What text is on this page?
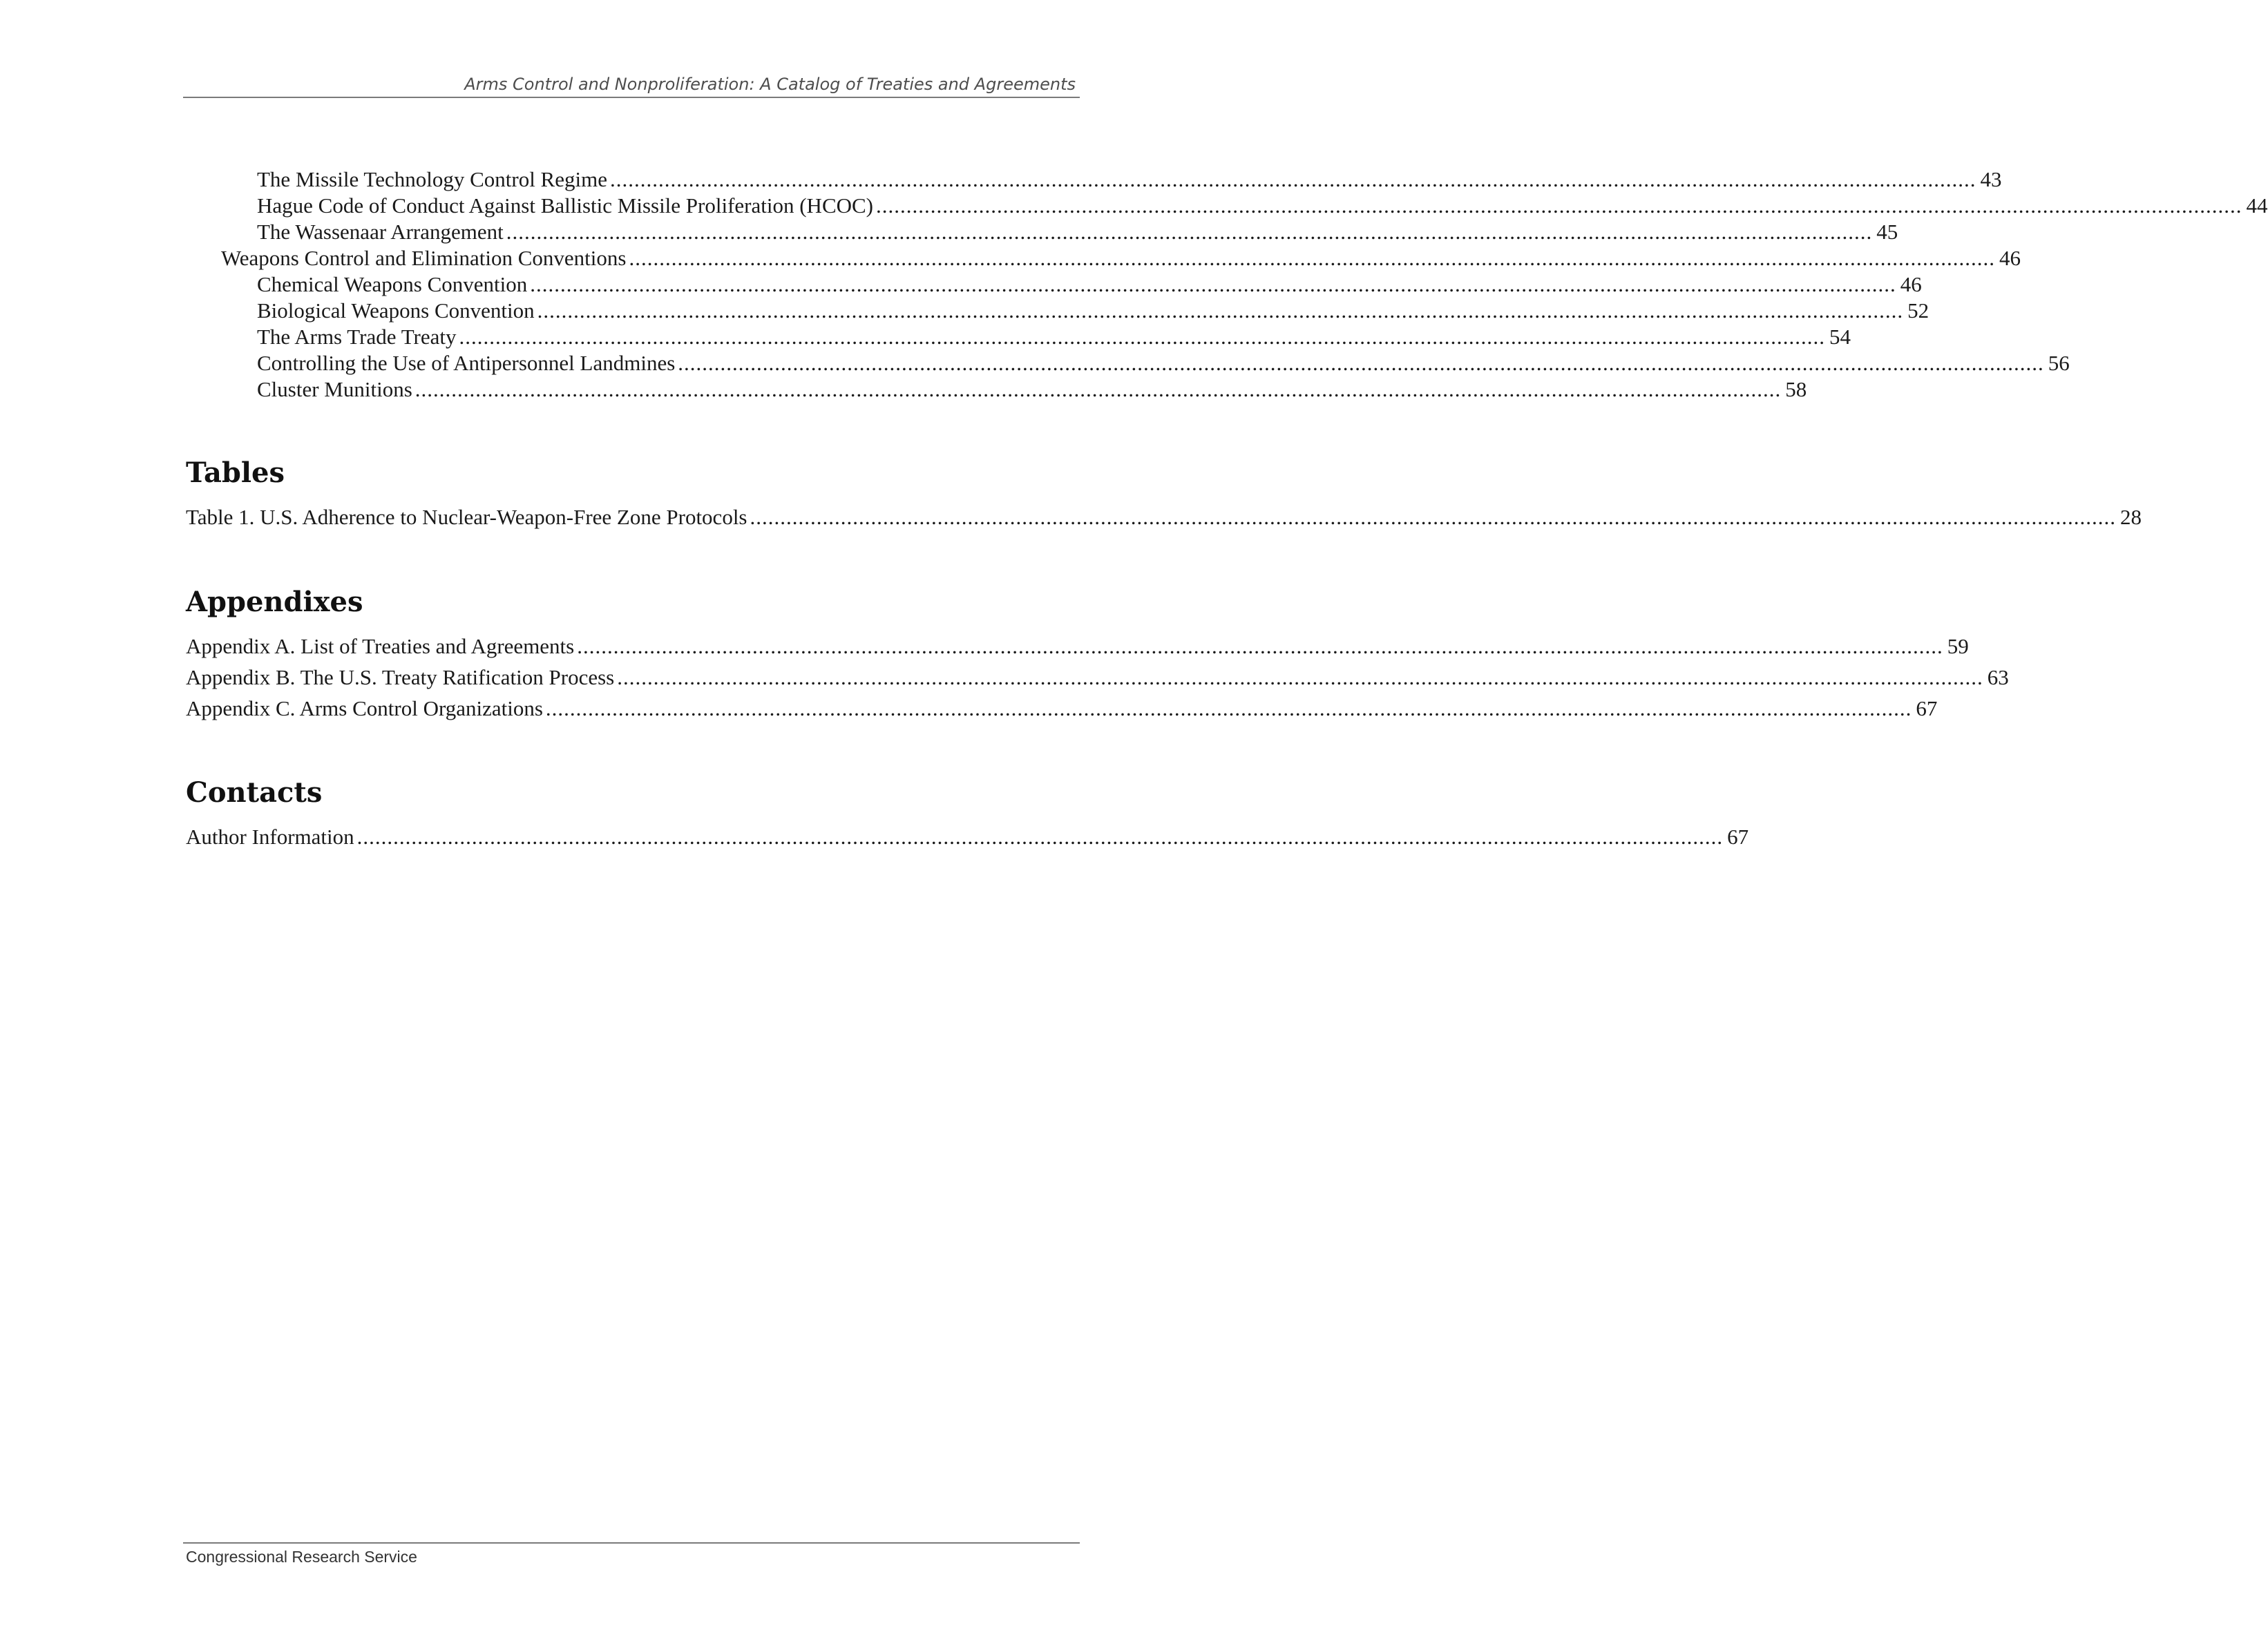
Arms Control and Nonproliferation: A Catalog of Treaties and Agreements
The Missile Technology Control Regime .................................................................................................................................................................................................................................. 43
Hague Code of Conduct Against Ballistic Missile Proliferation (HCOC) .................................................................................................................................................................................................................................. 44
The Wassenaar Arrangement .................................................................................................................................................................................................................................. 45
Weapons Control and Elimination Conventions .................................................................................................................................................................................................................................. 46
Chemical Weapons Convention .................................................................................................................................................................................................................................. 46
Biological Weapons Convention .................................................................................................................................................................................................................................. 52
The Arms Trade Treaty .................................................................................................................................................................................................................................. 54
Controlling the Use of Antipersonnel Landmines .................................................................................................................................................................................................................................. 56
Cluster Munitions .................................................................................................................................................................................................................................. 58
Tables
Table 1. U.S. Adherence to Nuclear-Weapon-Free Zone Protocols .................................................................................................................................................................................................................................. 28
Appendixes
Appendix A. List of Treaties and Agreements .................................................................................................................................................................................................................................. 59
Appendix B. The U.S. Treaty Ratification Process .................................................................................................................................................................................................................................. 63
Appendix C. Arms Control Organizations .................................................................................................................................................................................................................................. 67
Contacts
Author Information .................................................................................................................................................................................................................................. 67
Congressional Research Service
